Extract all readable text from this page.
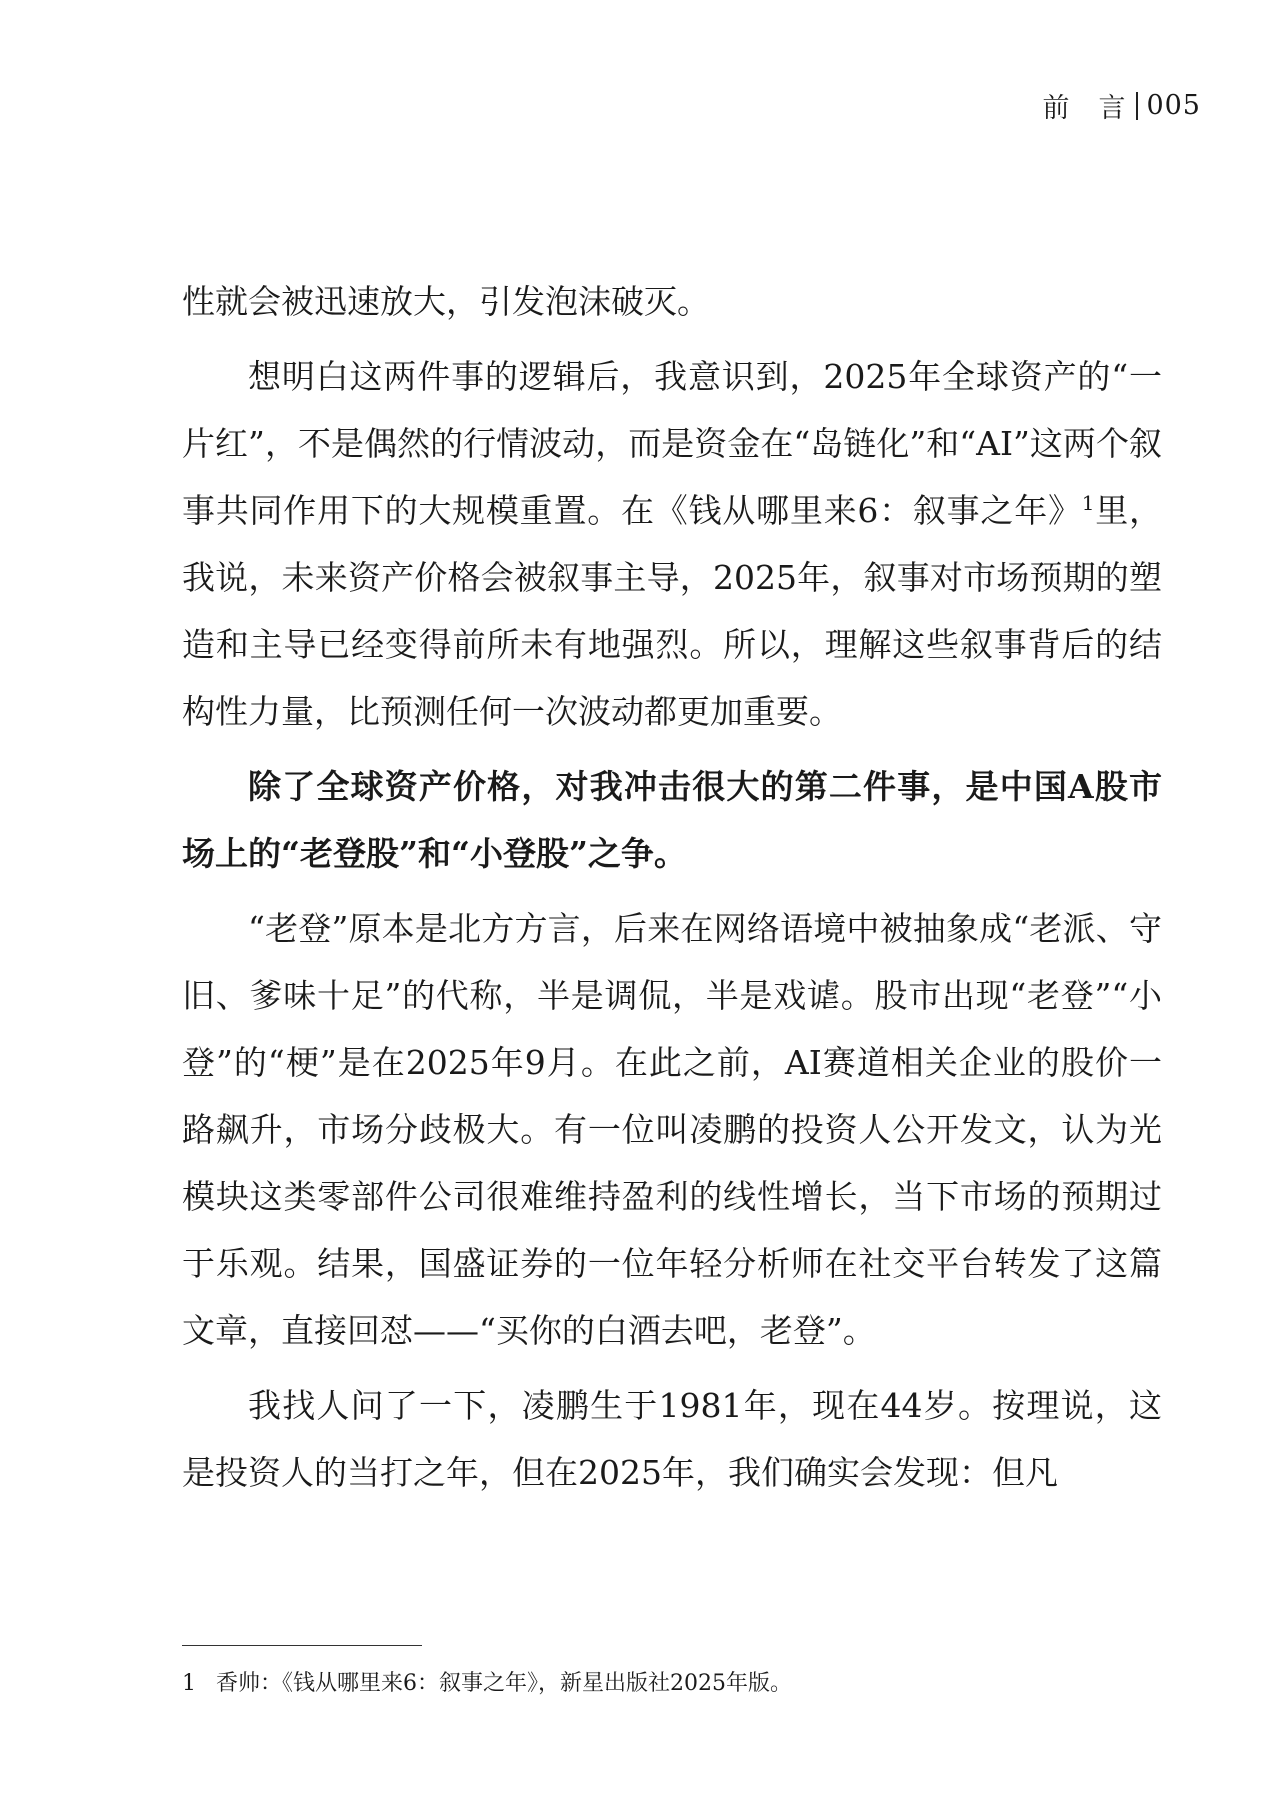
前　言 005

性就会被迅速放大，引发泡沫破灭。

想明白这两件事的逻辑后，我意识到，2025年全球资产的“一片红”，不是偶然的行情波动，而是资金在“岛链化”和“AI”这两个叙事共同作用下的大规模重置。在《钱从哪里来6：叙事之年》$^1$里，我说，未来资产价格会被叙事主导，2025年，叙事对市场预期的塑造和主导已经变得前所未有地强烈。所以，理解这些叙事背后的结构性力量，比预测任何一次波动都更加重要。

除了全球资产价格，对我冲击很大的第二件事，是中国A股市场上的“老登股”和“小登股”之争。

“老登”原本是北方方言，后来在网络语境中被抽象成“老派、守旧、爹味十足”的代称，半是调侃，半是戏谑。股市出现“老登”“小登”的“梗”是在2025年9月。在此之前，AI赛道相关企业的股价一路飙升，市场分歧极大。有一位叫凌鹏的投资人公开发文，认为光模块这类零部件公司很难维持盈利的线性增长，当下市场的预期过于乐观。结果，国盛证券的一位年轻分析师在社交平台转发了这篇文章，直接回怼——“买你的白酒去吧，老登”。

我找人问了一下，凌鹏生于1981年，现在44岁。按理说，这是投资人的当打之年，但在2025年，我们确实会发现：但凡

1 香帅：《钱从哪里来6：叙事之年》，新星出版社2025年版。
